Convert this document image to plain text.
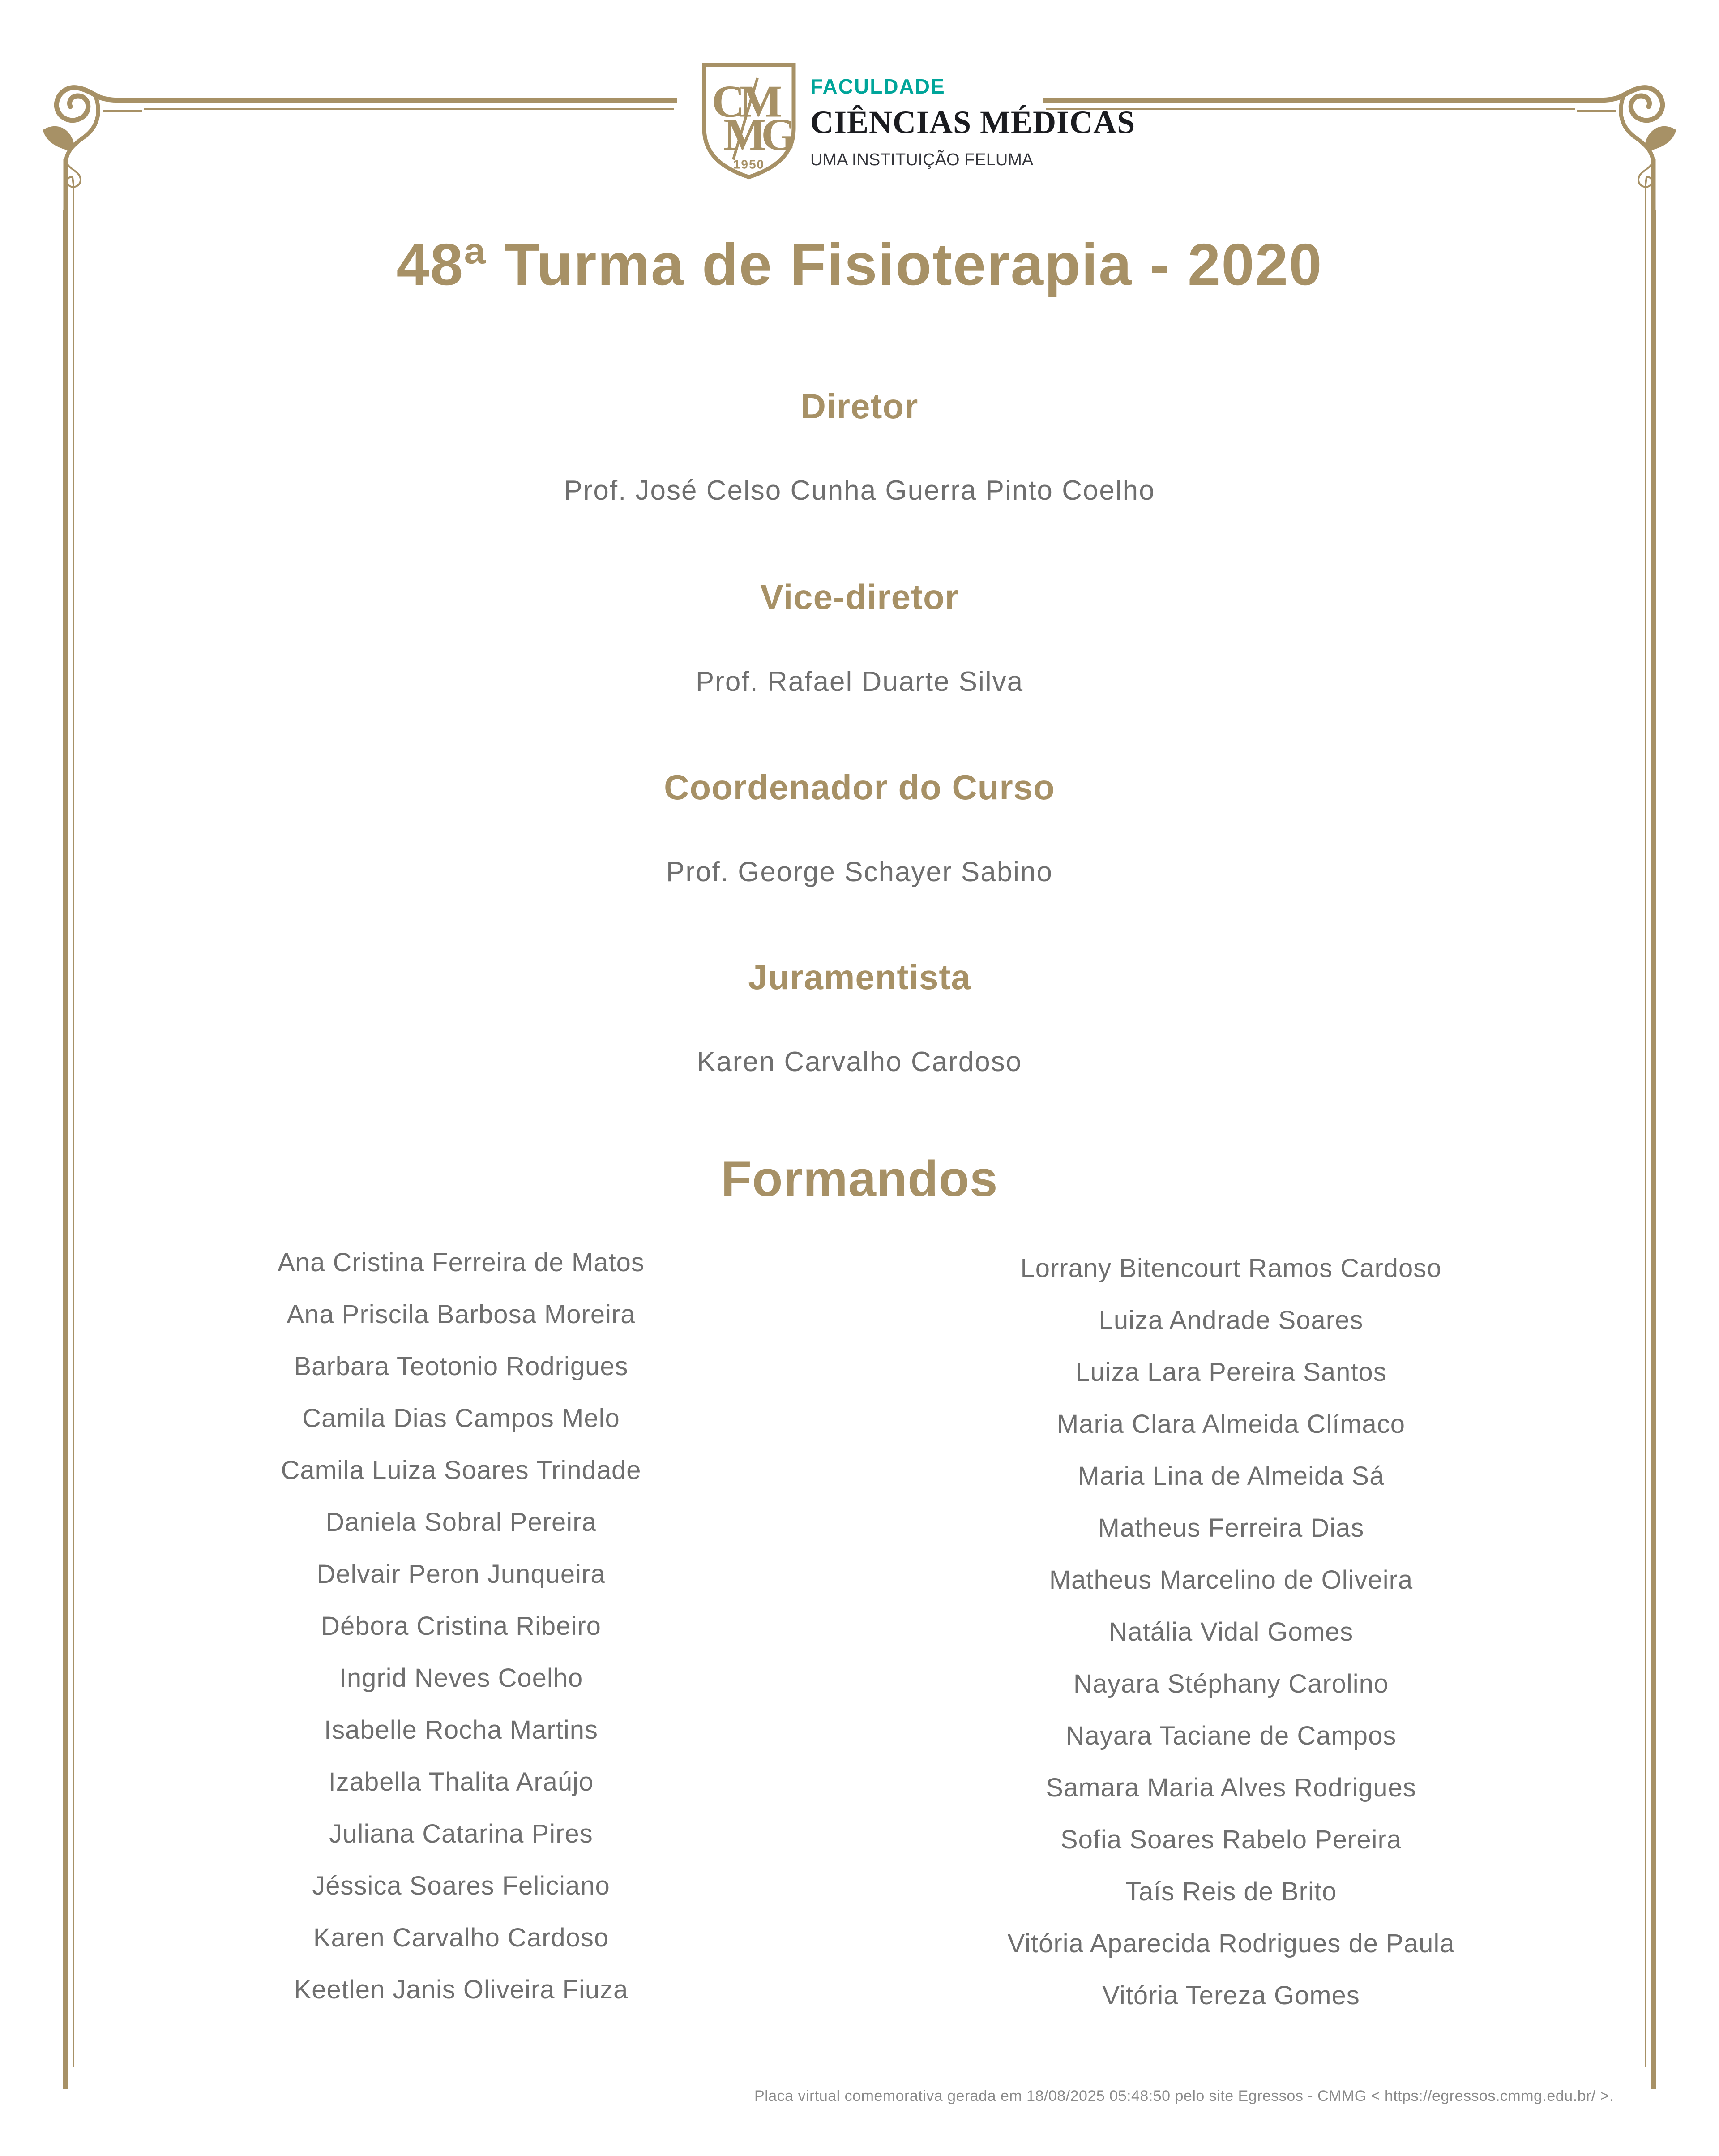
CM
MG
1950
FACULDADE
CIÊNCIAS MÉDICAS
UMA INSTITUIÇÃO FELUMA
48ª Turma de Fisioterapia - 2020
Diretor
Prof. José Celso Cunha Guerra Pinto Coelho
Vice-diretor
Prof. Rafael Duarte Silva
Coordenador do Curso
Prof. George Schayer Sabino
Juramentista
Karen Carvalho Cardoso
Formandos
Ana Cristina Ferreira de Matos
Ana Priscila Barbosa Moreira
Barbara Teotonio Rodrigues
Camila Dias Campos Melo
Camila Luiza Soares Trindade
Daniela Sobral Pereira
Delvair Peron Junqueira
Débora Cristina Ribeiro
Ingrid Neves Coelho
Isabelle Rocha Martins
Izabella Thalita Araújo
Juliana Catarina Pires
Jéssica Soares Feliciano
Karen Carvalho Cardoso
Keetlen Janis Oliveira Fiuza
Lorrany Bitencourt Ramos Cardoso
Luiza Andrade Soares
Luiza Lara Pereira Santos
Maria Clara Almeida Clímaco
Maria Lina de Almeida Sá
Matheus Ferreira Dias
Matheus Marcelino de Oliveira
Natália Vidal Gomes
Nayara Stéphany Carolino
Nayara Taciane de Campos
Samara Maria Alves Rodrigues
Sofia Soares Rabelo Pereira
Taís Reis de Brito
Vitória Aparecida Rodrigues de Paula
Vitória Tereza Gomes
Placa virtual comemorativa gerada em 18/08/2025 05:48:50 pelo site Egressos - CMMG < https://egressos.cmmg.edu.br/ >.
